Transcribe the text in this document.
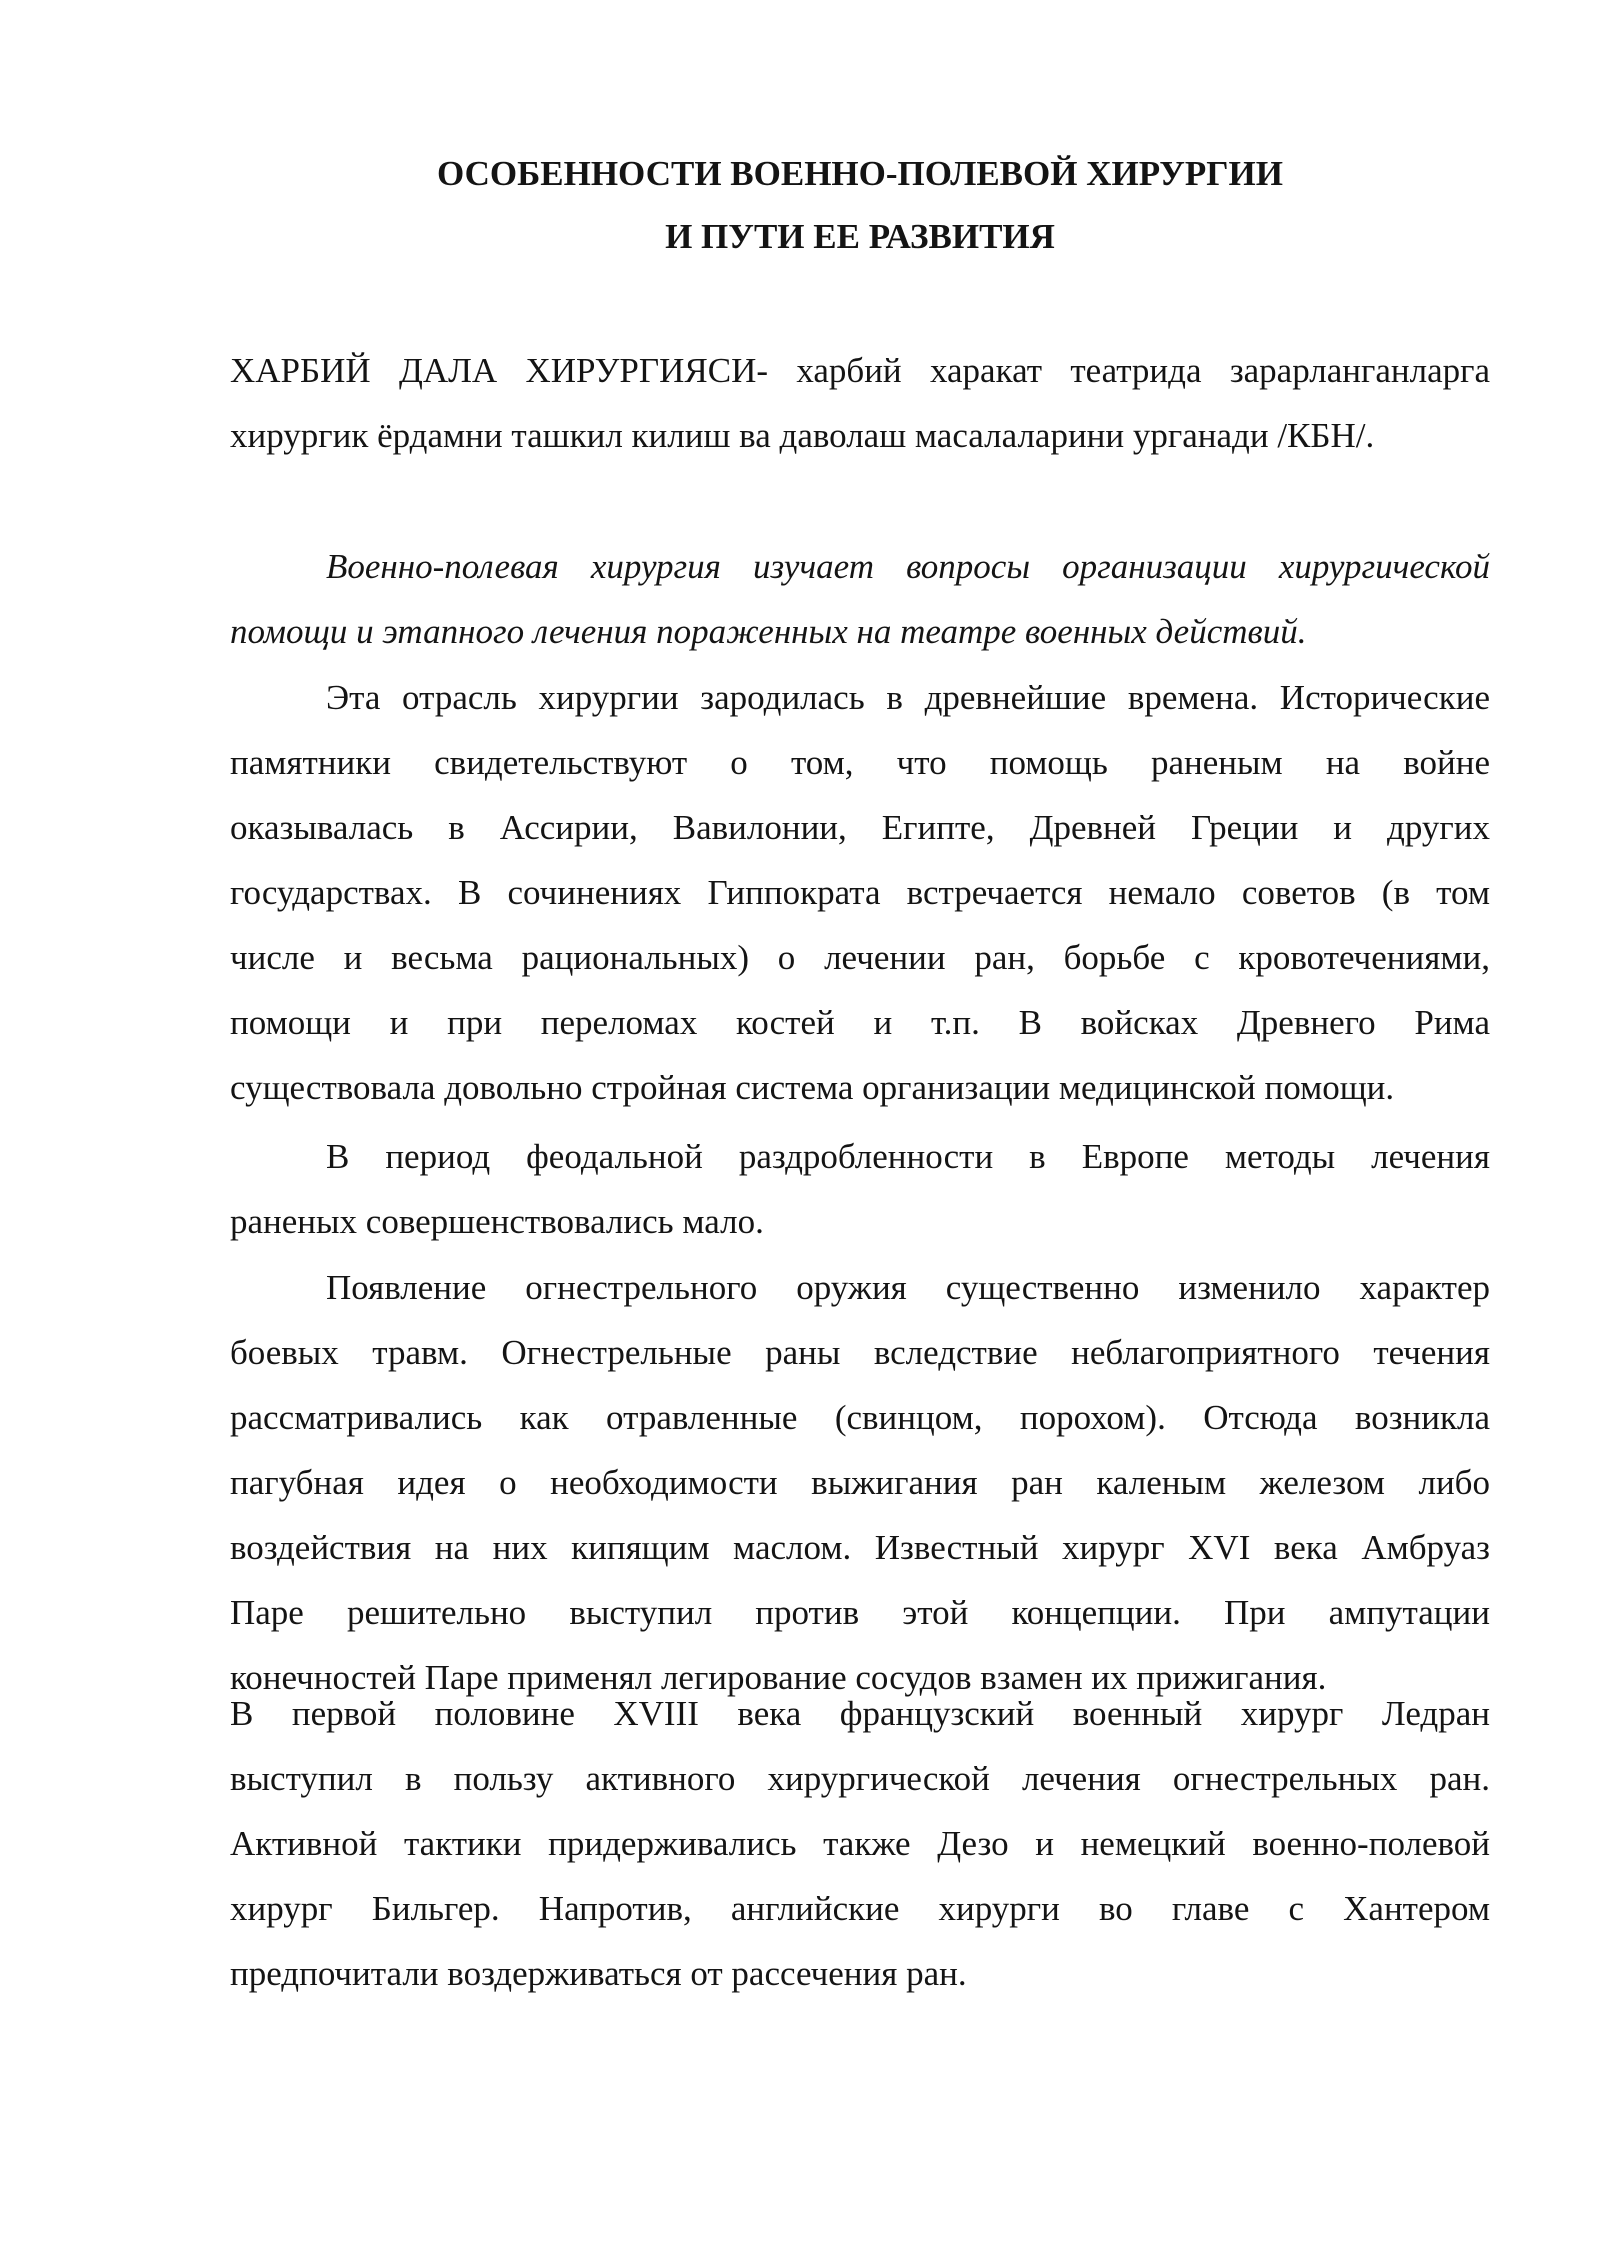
ОСОБЕННОСТИ ВОЕННО-ПОЛЕВОЙ ХИРУРГИИ
И ПУТИ ЕЕ РАЗВИТИЯ

ХАРБИЙ ДАЛА ХИРУРГИЯСИ- харбий харакат театрида зарарланганларга
хирургик ёрдамни ташкил килиш ва даволаш масалаларини урганади /КБН/.

Военно-полевая хирургия изучает вопросы организации хирургической
помощи и этапного лечения пораженных на театре военных действий.

Эта отрасль хирургии зародилась в древнейшие времена. Исторические
памятники свидетельствуют о том, что помощь раненым на войне
оказывалась в Ассирии, Вавилонии, Египте, Древней Греции и других
государствах. В сочинениях Гиппократа встречается немало советов (в том
числе и весьма рациональных) о лечении ран, борьбе с кровотечениями,
помощи и при переломах костей и т.п. В войсках Древнего Рима
существовала довольно стройная система организации медицинской помощи.

В период феодальной раздробленности в Европе методы лечения
раненых совершенствовались мало.

Появление огнестрельного оружия существенно изменило характер
боевых травм. Огнестрельные раны вследствие неблагоприятного течения
рассматривались как отравленные (свинцом, порохом). Отсюда возникла
пагубная идея о необходимости выжигания ран каленым железом либо
воздействия на них кипящим маслом. Известный хирург XVI века Амбруаз
Паре решительно выступил против этой концепции. При ампутации
конечностей Паре применял легирование сосудов взамен их прижигания.

В первой половине XVIII века французский военный хирург Ледран
выступил в пользу активного хирургической лечения огнестрельных ран.
Активной тактики придерживались также Дезо и немецкий военно-полевой
хирург Бильгер. Напротив, английские хирурги во главе с Хантером
предпочитали воздерживаться от рассечения ран.
